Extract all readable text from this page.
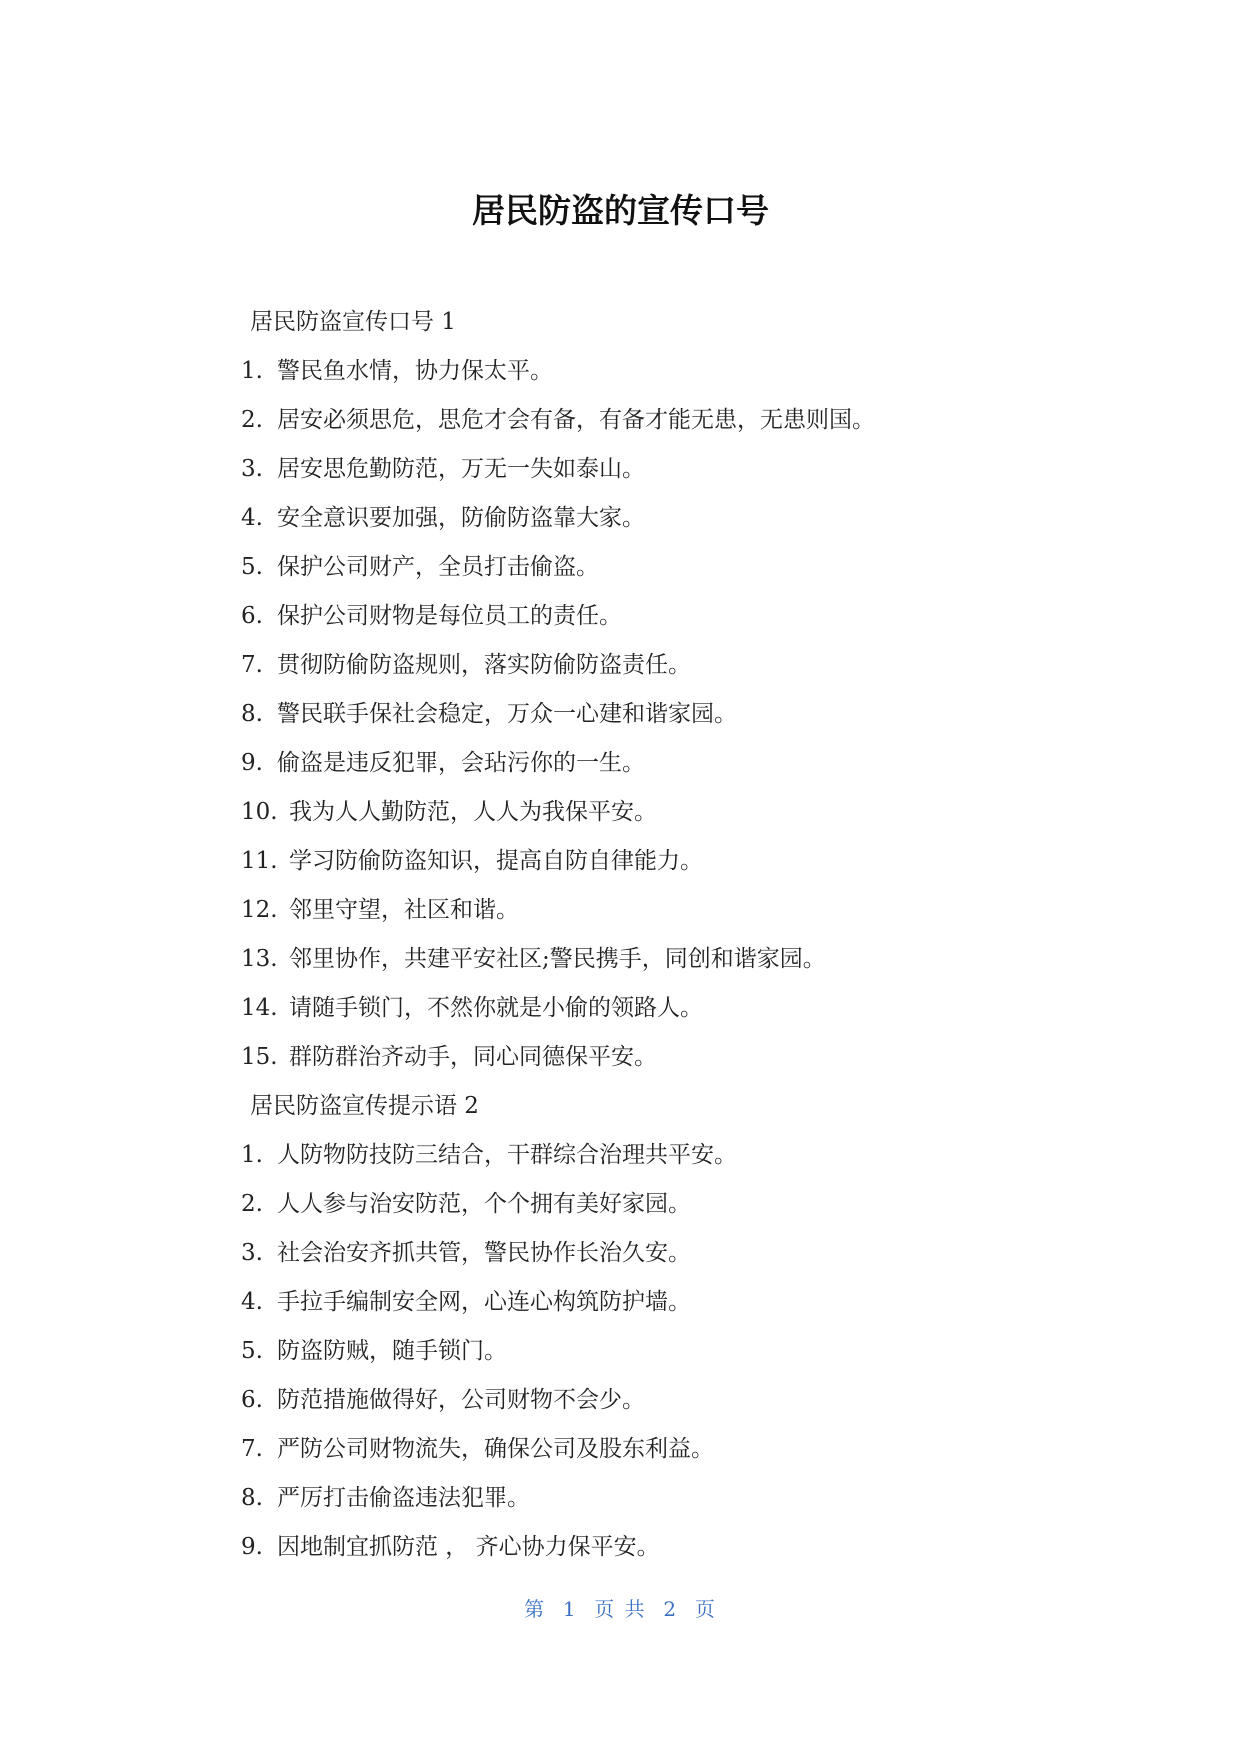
居民防盗的宣传口号
居民防盗宣传口号 1
1. 警民鱼水情，协力保太平。
2. 居安必须思危，思危才会有备，有备才能无患，无患则国。
3. 居安思危勤防范，万无一失如泰山。
4. 安全意识要加强，防偷防盗靠大家。
5. 保护公司财产，全员打击偷盗。
6. 保护公司财物是每位员工的责任。
7. 贯彻防偷防盗规则，落实防偷防盗责任。
8. 警民联手保社会稳定，万众一心建和谐家园。
9. 偷盗是违反犯罪，会玷污你的一生。
10. 我为人人勤防范，人人为我保平安。
11. 学习防偷防盗知识，提高自防自律能力。
12. 邻里守望，社区和谐。
13. 邻里协作，共建平安社区;警民携手，同创和谐家园。
14. 请随手锁门，不然你就是小偷的领路人。
15. 群防群治齐动手，同心同德保平安。
居民防盗宣传提示语 2
1. 人防物防技防三结合，干群综合治理共平安。
2. 人人参与治安防范，个个拥有美好家园。
3. 社会治安齐抓共管，警民协作长治久安。
4. 手拉手编制安全网，心连心构筑防护墙。
5. 防盗防贼，随手锁门。
6. 防范措施做得好，公司财物不会少。
7. 严防公司财物流失，确保公司及股东利益。
8. 严厉打击偷盗违法犯罪。
9. 因地制宜抓防范 ， 齐心协力保平安。
第  1  页 共  2  页
